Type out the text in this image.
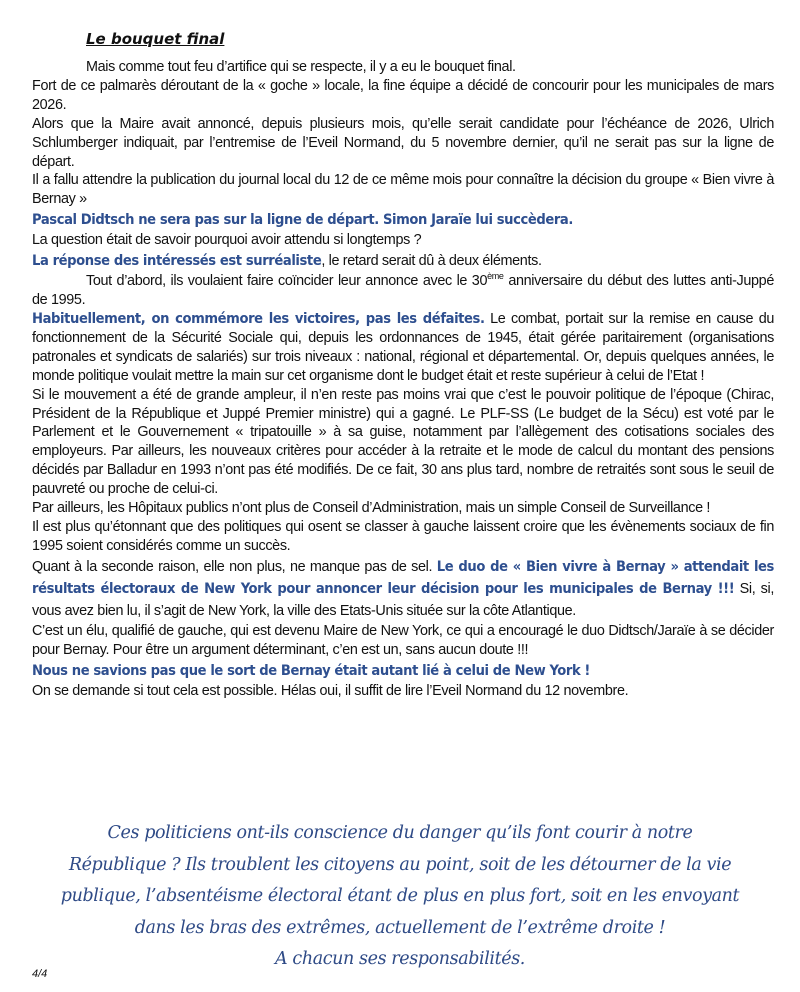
Le bouquet final

Mais comme tout feu d’artifice qui se respecte, il y a eu le bouquet final.

Fort de ce palmarès déroutant de la « goche » locale, la fine équipe a décidé de concourir pour les municipales de mars 2026.

Alors que la Maire avait annoncé, depuis plusieurs mois, qu’elle serait candidate pour l’échéance de 2026, Ulrich Schlumberger indiquait, par l’entremise de l’Eveil Normand, du 5 novembre dernier, qu’il ne serait pas sur la ligne de départ.

Il a fallu attendre la publication du journal local du 12 de ce même mois pour connaître la décision du groupe « Bien vivre à Bernay »

Pascal Didtsch ne sera pas sur la ligne de départ. Simon Jaraïe lui succèdera.

La question était de savoir pourquoi avoir attendu si longtemps ?

La réponse des intéressés est surréaliste, le retard serait dû à deux éléments.

Tout d’abord, ils voulaient faire coïncider leur annonce avec le 30ème anniversaire du début des luttes anti-Juppé de 1995.

Habituellement, on commémore les victoires, pas les défaites. Le combat, portait sur la remise en cause du fonctionnement de la Sécurité Sociale qui, depuis les ordonnances de 1945, était gérée paritairement (organisations patronales et syndicats de salariés) sur trois niveaux : national, régional et départemental. Or, depuis quelques années, le monde politique voulait mettre la main sur cet organisme dont le budget était et reste supérieur à celui de l’Etat !

Si le mouvement a été de grande ampleur, il n’en reste pas moins vrai que c’est le pouvoir politique de l’époque (Chirac, Président de la République et Juppé Premier ministre) qui a gagné. Le PLF-SS (Le budget de la Sécu) est voté par le Parlement et le Gouvernement « tripatouille » à sa guise, notamment par l’allègement des cotisations sociales des employeurs. Par ailleurs, les nouveaux critères pour accéder à la retraite et le mode de calcul du montant des pensions décidés par Balladur en 1993 n’ont pas été modifiés. De ce fait, 30 ans plus tard, nombre de retraités sont sous le seuil de pauvreté ou proche de celui-ci.

Par ailleurs, les Hôpitaux publics n’ont plus de Conseil d’Administration, mais un simple Conseil de Surveillance !

Il est plus qu’étonnant que des politiques qui osent se classer à gauche laissent croire que les évènements sociaux de fin 1995 soient considérés comme un succès.

Quant à la seconde raison, elle non plus, ne manque pas de sel. Le duo de « Bien vivre à Bernay » attendait les résultats électoraux de New York pour annoncer leur décision pour les municipales de Bernay !!! Si, si, vous avez bien lu, il s’agit de New York, la ville des Etats-Unis située sur la côte Atlantique.

C’est un élu, qualifié de gauche, qui est devenu Maire de New York, ce qui a encouragé le duo Didtsch/Jaraïe à se décider pour Bernay. Pour être un argument déterminant, c’en est un, sans aucun doute !!!

Nous ne savions pas que le sort de Bernay était autant lié à celui de New York !

On se demande si tout cela est possible. Hélas oui, il suffit de lire l’Eveil Normand du 12 novembre.

Ces politiciens ont-ils conscience du danger qu’ils font courir à notre

République ? Ils troublent les citoyens au point, soit de les détourner de la vie

publique, l’absentéisme électoral étant de plus en plus fort, soit en les envoyant

dans les bras des extrêmes, actuellement de l’extrême droite !

A chacun ses responsabilités.

4/4
